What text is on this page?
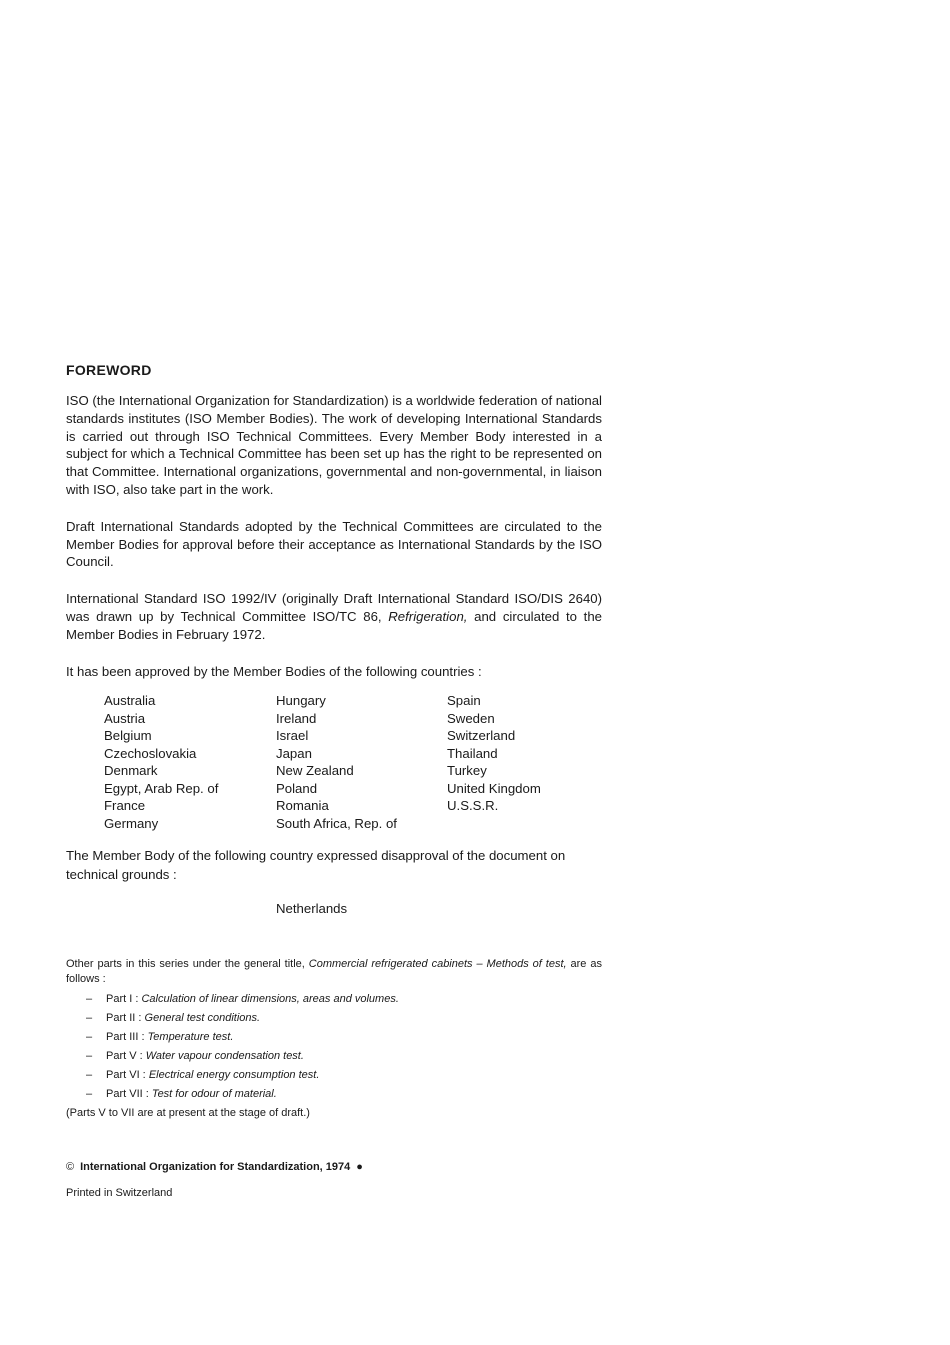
FOREWORD

ISO (the International Organization for Standardization) is a worldwide federation of national standards institutes (ISO Member Bodies). The work of developing International Standards is carried out through ISO Technical Committees. Every Member Body interested in a subject for which a Technical Committee has been set up has the right to be represented on that Committee. International organizations, governmental and non-governmental, in liaison with ISO, also take part in the work.

Draft International Standards adopted by the Technical Committees are circulated to the Member Bodies for approval before their acceptance as International Standards by the ISO Council.

International Standard ISO 1992/IV (originally Draft International Standard ISO/DIS 2640) was drawn up by Technical Committee ISO/TC 86, Refrigeration, and circulated to the Member Bodies in February 1972.

It has been approved by the Member Bodies of the following countries :

Australia
Austria
Belgium
Czechoslovakia
Denmark
Egypt, Arab Rep. of
France
Germany
Hungary
Ireland
Israel
Japan
New Zealand
Poland
Romania
South Africa, Rep. of
Spain
Sweden
Switzerland
Thailand
Turkey
United Kingdom
U.S.S.R.

The Member Body of the following country expressed disapproval of the document on technical grounds :

Netherlands

Other parts in this series under the general title, Commercial refrigerated cabinets – Methods of test, are as follows :

– Part I : Calculation of linear dimensions, areas and volumes.
– Part II : General test conditions.
– Part III : Temperature test.
– Part V : Water vapour condensation test.
– Part VI : Electrical energy consumption test.
– Part VII : Test for odour of material.

(Parts V to VII are at present at the stage of draft.)

© International Organization for Standardization, 1974 ●
Printed in Switzerland
